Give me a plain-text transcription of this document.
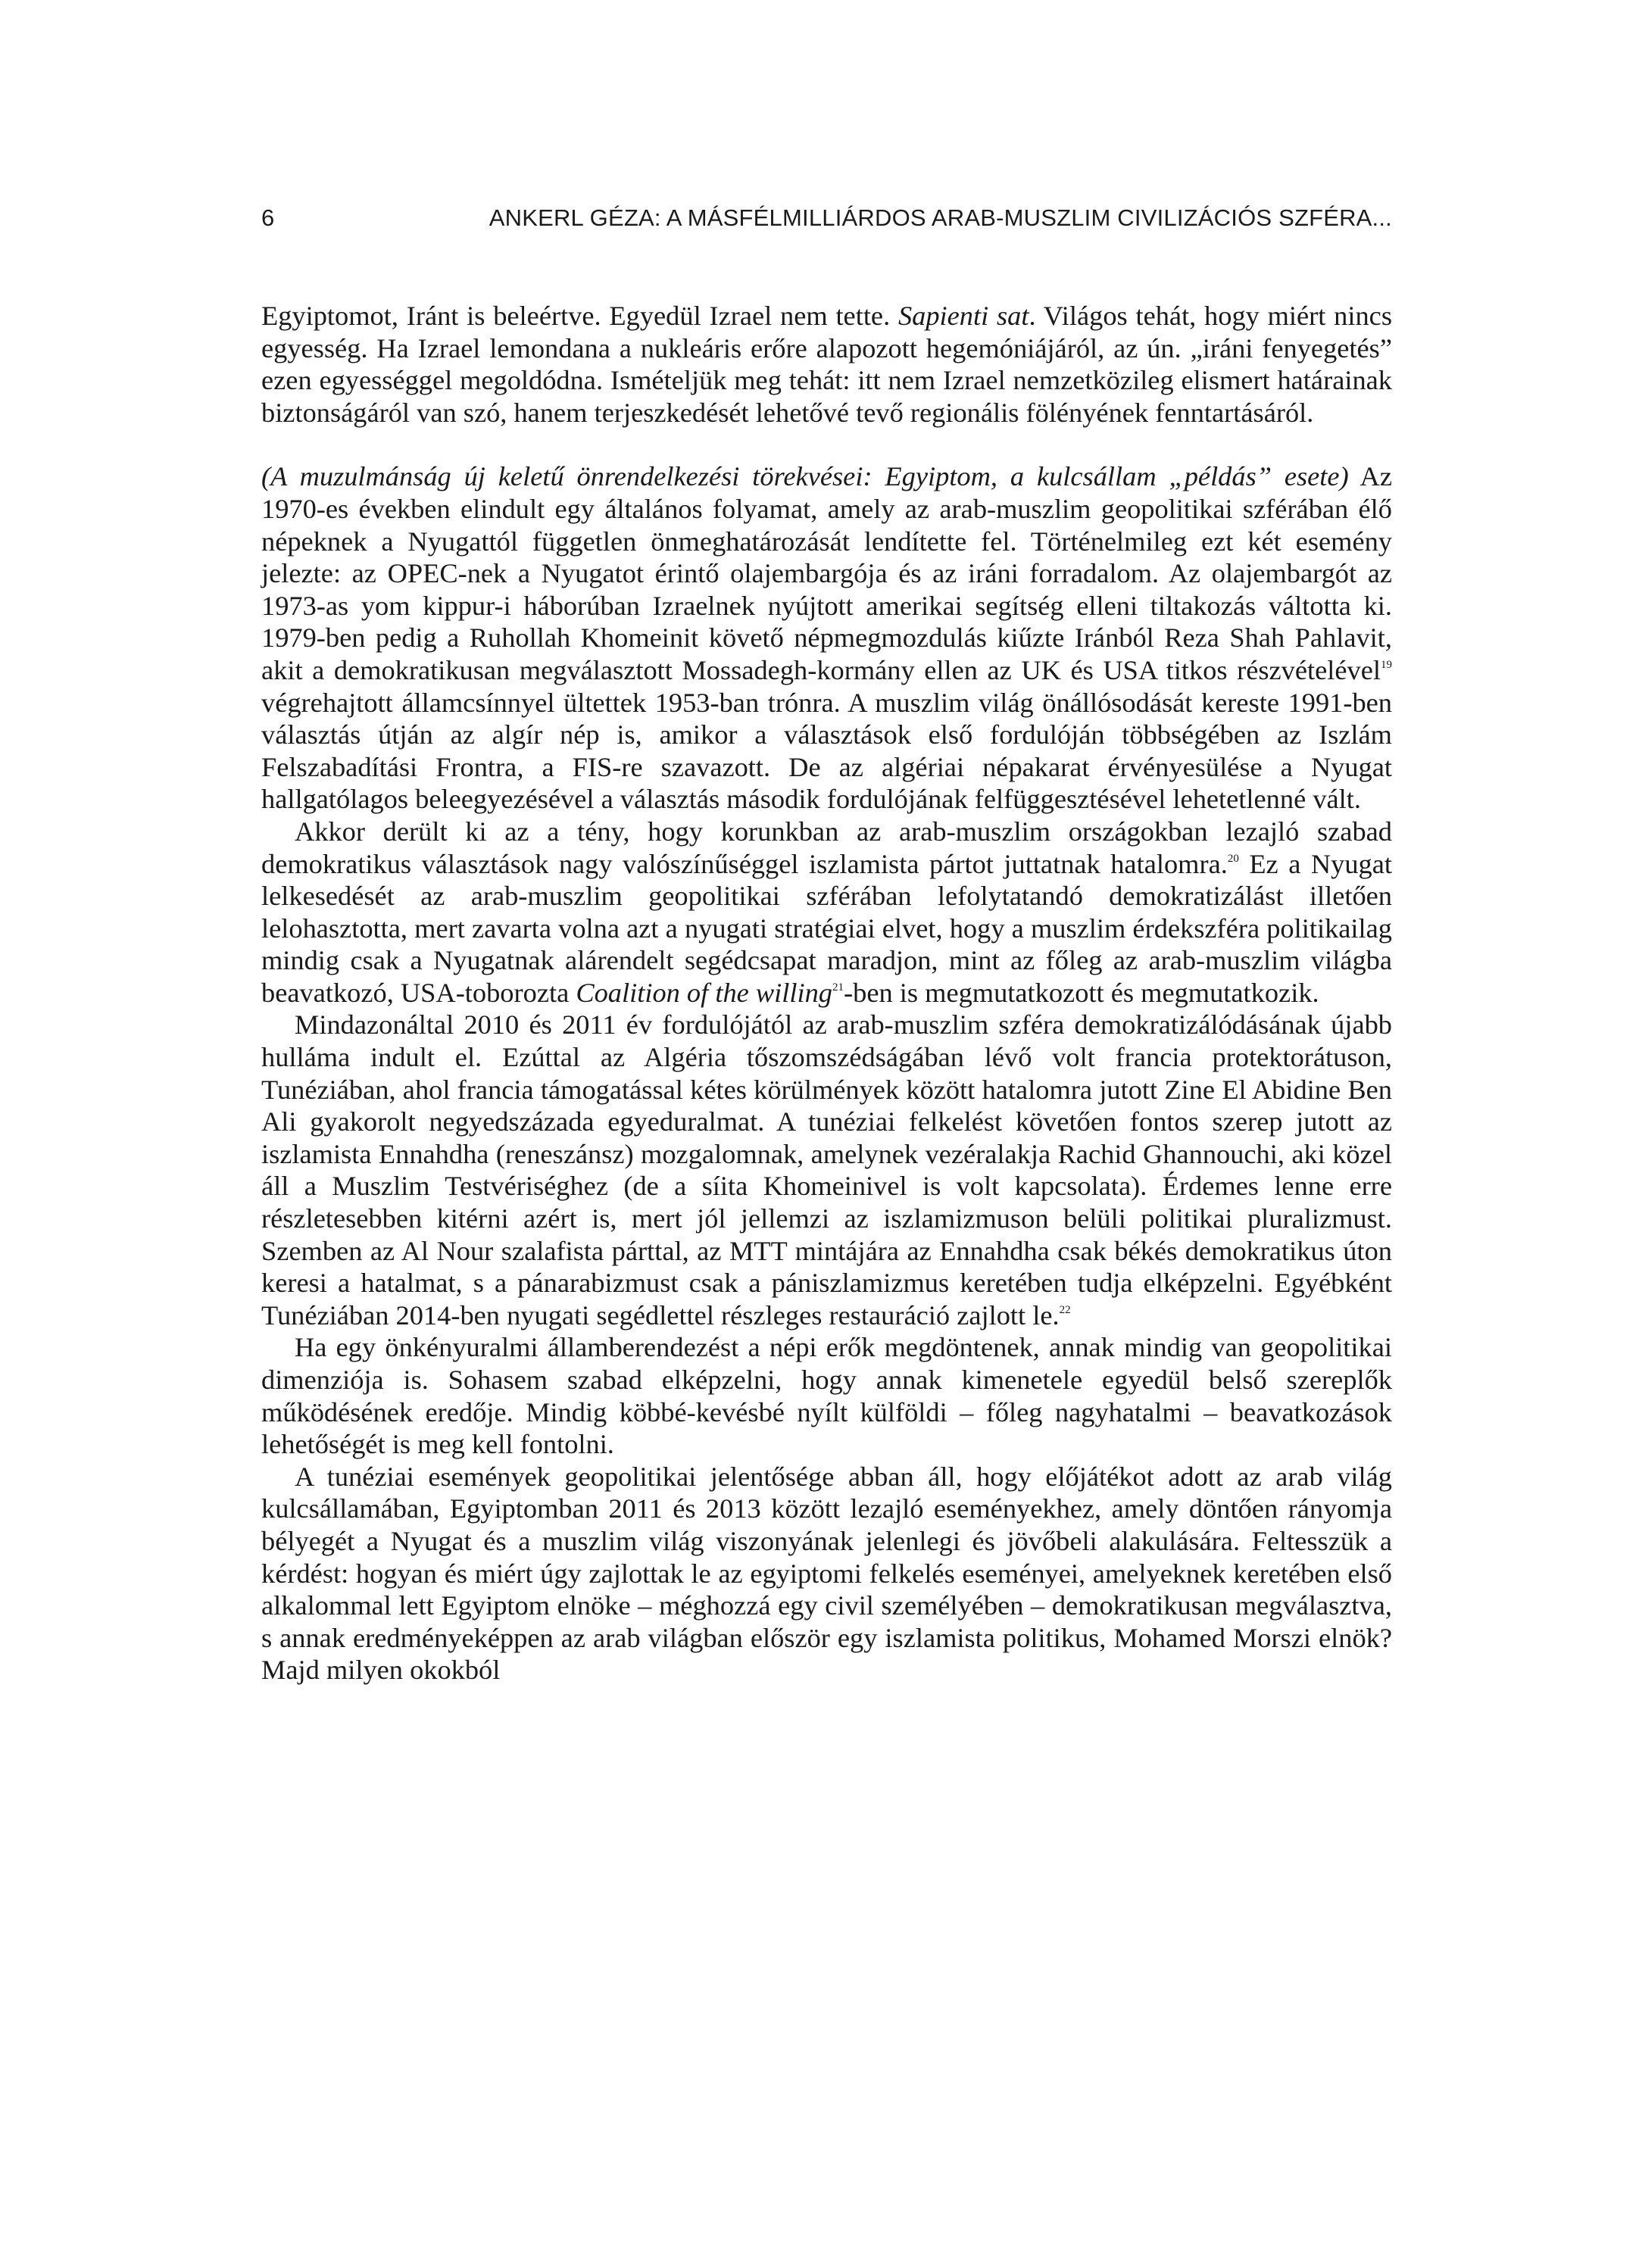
6	ANKERL GÉZA: A MÁSFÉLMILLIÁRDOS ARAB-MUSZLIM CIVILIZÁCIÓS SZFÉRA...

Egyiptomot, Iránt is beleértve. Egyedül Izrael nem tette. Sapienti sat. Világos tehát, hogy miért nincs egyesség. Ha Izrael lemondana a nukleáris erőre alapozott hegemóniájáról, az ún. „iráni fenyegetés” ezen egyességgel megoldódna. Ismételjük meg tehát: itt nem Izrael nemzetközileg elismert határainak biztonságáról van szó, hanem terjeszkedését lehetővé tevő regionális fölényének fenntartásáról.

(A muzulmánság új keletű önrendelkezési törekvései: Egyiptom, a kulcsállam „példás” esete) Az 1970-es években elindult egy általános folyamat, amely az arab-muszlim geopolitikai szférában élő népeknek a Nyugattól független önmeghatározását lendítette fel. Történelmileg ezt két esemény jelezte: az OPEC-nek a Nyugatot érintő olajembargója és az iráni forradalom. Az olajembargót az 1973-as yom kippur-i háborúban Izraelnek nyújtott amerikai segítség elleni tiltakozás váltotta ki. 1979-ben pedig a Ruhollah Khomeinit követő népmegmozdulás kiűzte Iránból Reza Shah Pahlavit, akit a demokratikusan megválasztott Mossadegh-kormány ellen az UK és USA titkos részvételével$^{19}$ végrehajtott államcsínnyel ültettek 1953-ban trónra. A muszlim világ önállósodását kereste 1991-ben választás útján az algír nép is, amikor a választások első fordulóján többségében az Iszlám Felszabadítási Frontra, a FIS-re szavazott. De az algériai népakarat érvényesülése a Nyugat hallgatólagos beleegyezésével a választás második fordulójának felfüggesztésével lehetetlenné vált.

Akkor derült ki az a tény, hogy korunkban az arab-muszlim országokban lezajló szabad demokratikus választások nagy valószínűséggel iszlamista pártot juttatnak hatalomra.$^{20}$ Ez a Nyugat lelkesedését az arab-muszlim geopolitikai szférában lefolytatandó demokratizálást illetően lelohasztotta, mert zavarta volna azt a nyugati stratégiai elvet, hogy a muszlim érdekszféra politikailag mindig csak a Nyugatnak alárendelt segédcsapat maradjon, mint az főleg az arab-muszlim világba beavatkozó, USA-toborozta Coalition of the willing$^{21}$-ben is megmutatkozott és megmutatkozik.

Mindazonáltal 2010 és 2011 év fordulójától az arab-muszlim szféra demokratizálódásának újabb hulláma indult el. Ezúttal az Algéria tőszomszédságában lévő volt francia protektorátuson, Tunéziában, ahol francia támogatással kétes körülmények között hatalomra jutott Zine El Abidine Ben Ali gyakorolt negyedszázada egyeduralmat. A tunéziai felkelést követően fontos szerep jutott az iszlamista Ennahdha (reneszánsz) mozgalomnak, amelynek vezéralakja Rachid Ghannouchi, aki közel áll a Muszlim Testvériséghez (de a síita Khomeinivel is volt kapcsolata). Érdemes lenne erre részletesebben kitérni azért is, mert jól jellemzi az iszlamizmuson belüli politikai pluralizmust. Szemben az Al Nour szalafista párttal, az MTT mintájára az Ennahdha csak békés demokratikus úton keresi a hatalmat, s a pánarabizmust csak a pániszlamizmus keretében tudja elképzelni. Egyébként Tunéziában 2014-ben nyugati segédlettel részleges restauráció zajlott le.$^{22}$

Ha egy önkényuralmi államberendezést a népi erők megdöntenek, annak mindig van geopolitikai dimenziója is. Sohasem szabad elképzelni, hogy annak kimenetele egyedül belső szereplők működésének eredője. Mindig köbbé-kevésbé nyílt külföldi – főleg nagyhatalmi – beavatkozások lehetőségét is meg kell fontolni.

A tunéziai események geopolitikai jelentősége abban áll, hogy előjátékot adott az arab világ kulcsállamában, Egyiptomban 2011 és 2013 között lezajló eseményekhez, amely döntően rányomja bélyegét a Nyugat és a muszlim világ viszonyának jelenlegi és jövőbeli alakulására. Feltesszük a kérdést: hogyan és miért úgy zajlottak le az egyiptomi felkelés eseményei, amelyeknek keretében első alkalommal lett Egyiptom elnöke – méghozzá egy civil személyében – demokratikusan megválasztva, s annak eredményeképpen az arab világban először egy iszlamista politikus, Mohamed Morszi elnök? Majd milyen okokból
